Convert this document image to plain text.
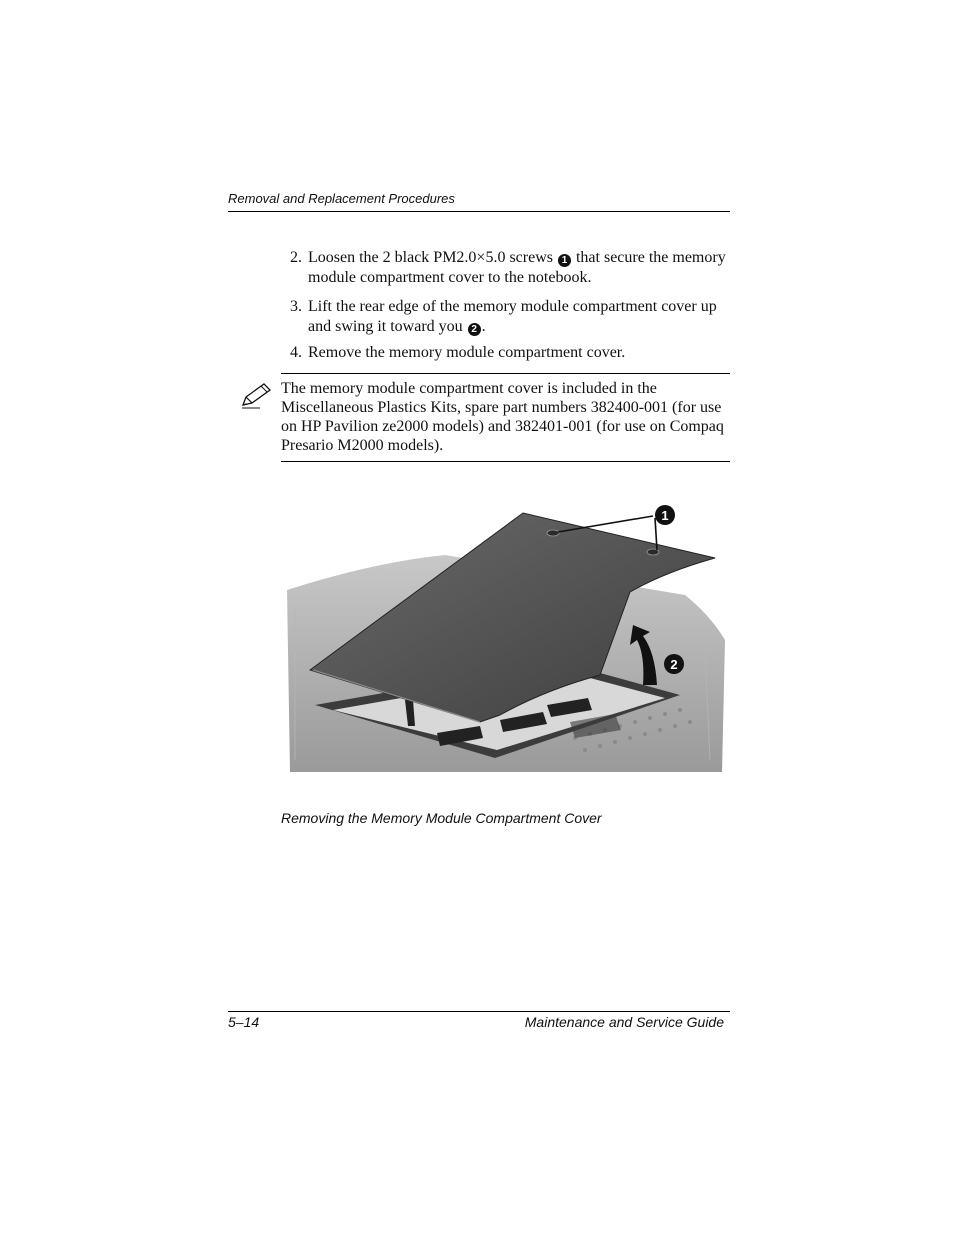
Removal and Replacement Procedures
2. Loosen the 2 black PM2.0×5.0 screws 1 that secure the memory module compartment cover to the notebook.
3. Lift the rear edge of the memory module compartment cover up and swing it toward you 2 .
4. Remove the memory module compartment cover.
The memory module compartment cover is included in the Miscellaneous Plastics Kits, spare part numbers 382400-001 (for use on HP Pavilion ze2000 models) and 382401-001 (for use on Compaq Presario M2000 models).
1
2
Removing the Memory Module Compartment Cover
5–14	Maintenance and Service Guide
